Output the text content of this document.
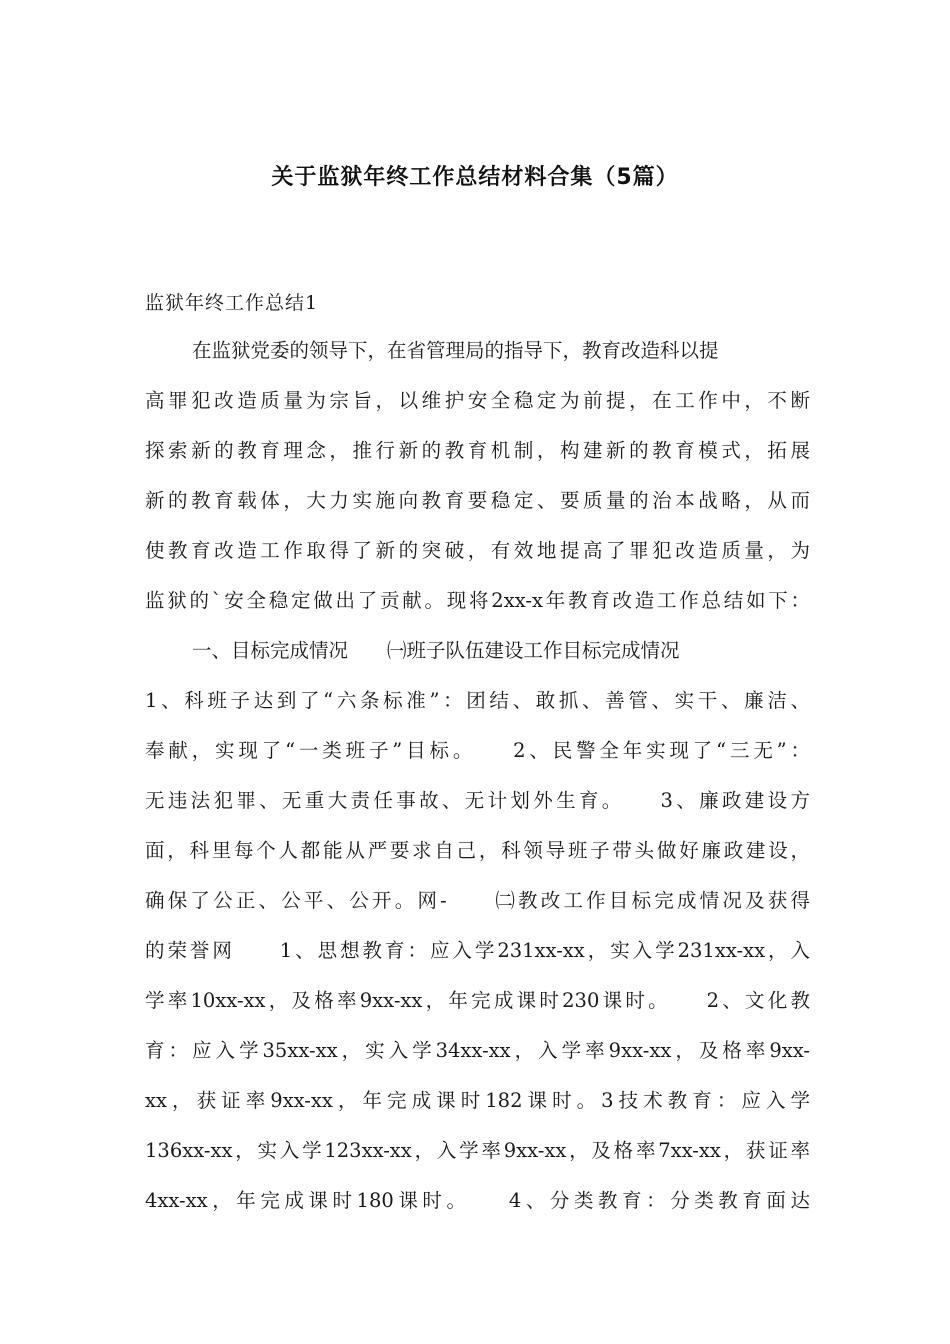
关于监狱年终工作总结材料合集（5篇）
监狱年终工作总结1
在监狱党委的领导下，在省管理局的指导下，教育改造科以提
高罪犯改造质量为宗旨，以维护安全稳定为前提，在工作中，不断
探索新的教育理念，推行新的教育机制，构建新的教育模式，拓展
新的教育载体，大力实施向教育要稳定、要质量的治本战略，从而
使教育改造工作取得了新的突破，有效地提高了罪犯改造质量，为
监狱的`安全稳定做出了贡献。现将2xx-x年教育改造工作总结如下：
一、目标完成情况　　㈠班子队伍建设工作目标完成情况
1、科班子达到了“六条标准”：团结、敢抓、善管、实干、廉洁、
奉献，实现了“一类班子”目标。　　2、民警全年实现了“三无”：
无违法犯罪、无重大责任事故、无计划外生育。　　3、廉政建设方
面，科里每个人都能从严要求自己，科领导班子带头做好廉政建设，
确保了公正、公平、公开。网-　　㈡教改工作目标完成情况及获得
的荣誉网　　1、思想教育：应入学231xx-xx，实入学231xx-xx，入
学率10xx-xx，及格率9xx-xx，年完成课时230课时。　　2、文化教
育：应入学35xx-xx，实入学34xx-xx，入学率9xx-xx，及格率9xx-
xx，获证率9xx-xx，年完成课时182课时。3技术教育：应入学
136xx-xx，实入学123xx-xx，入学率9xx-xx，及格率7xx-xx，获证率
4xx-xx，年完成课时180课时。　　4、分类教育：分类教育面达
